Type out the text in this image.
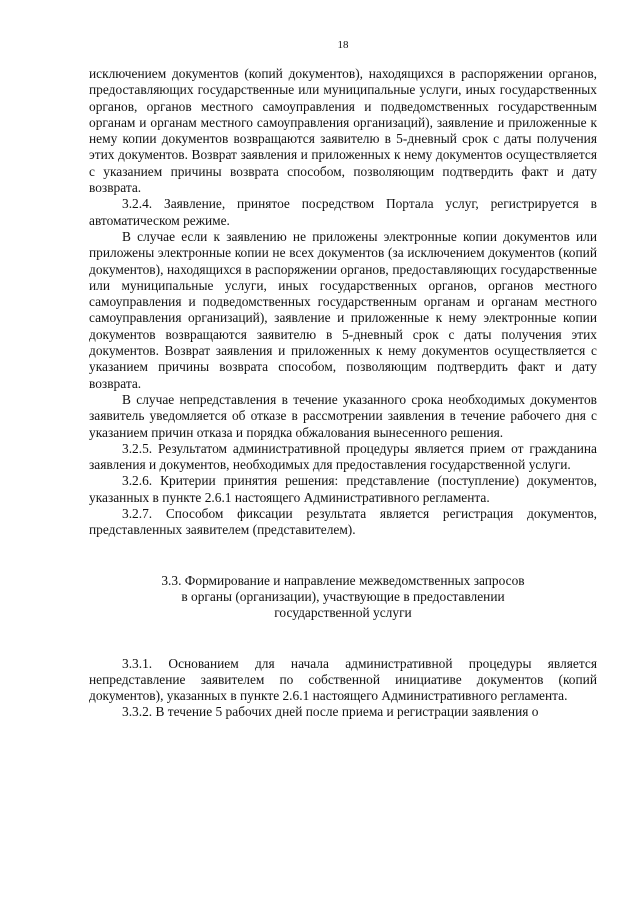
18

исключением документов (копий документов), находящихся в распоряжении органов, предоставляющих государственные или муниципальные услуги, иных государственных органов, органов местного самоуправления и подведомственных государственным органам и органам местного самоуправления организаций), заявление и приложенные к нему копии документов возвращаются заявителю в 5-дневный срок с даты получения этих документов. Возврат заявления и приложенных к нему документов осуществляется с указанием причины возврата способом, позволяющим подтвердить факт и дату возврата.

3.2.4. Заявление, принятое посредством Портала услуг, регистрируется в автоматическом режиме.

В случае если к заявлению не приложены электронные копии документов или приложены электронные копии не всех документов (за исключением документов (копий документов), находящихся в распоряжении органов, предоставляющих государственные или муниципальные услуги, иных государственных органов, органов местного самоуправления и подведомственных государственным органам и органам местного самоуправления организаций), заявление и приложенные к нему электронные копии документов возвращаются заявителю в 5-дневный срок с даты получения этих документов. Возврат заявления и приложенных к нему документов осуществляется с указанием причины возврата способом, позволяющим подтвердить факт и дату возврата.

В случае непредставления в течение указанного срока необходимых документов заявитель уведомляется об отказе в рассмотрении заявления в течение рабочего дня с указанием причин отказа и порядка обжалования вынесенного решения.

3.2.5. Результатом административной процедуры является прием от гражданина заявления и документов, необходимых для предоставления государственной услуги.

3.2.6. Критерии принятия решения: представление (поступление) документов, указанных в пункте 2.6.1 настоящего Административного регламента.

3.2.7. Способом фиксации результата является регистрация документов, представленных заявителем (представителем).

3.3. Формирование и направление межведомственных запросов
в органы (организации), участвующие в предоставлении
государственной услуги

3.3.1. Основанием для начала административной процедуры является непредставление заявителем по собственной инициативе документов (копий документов), указанных в пункте 2.6.1 настоящего Административного регламента.

3.3.2. В течение 5 рабочих дней после приема и регистрации заявления о
